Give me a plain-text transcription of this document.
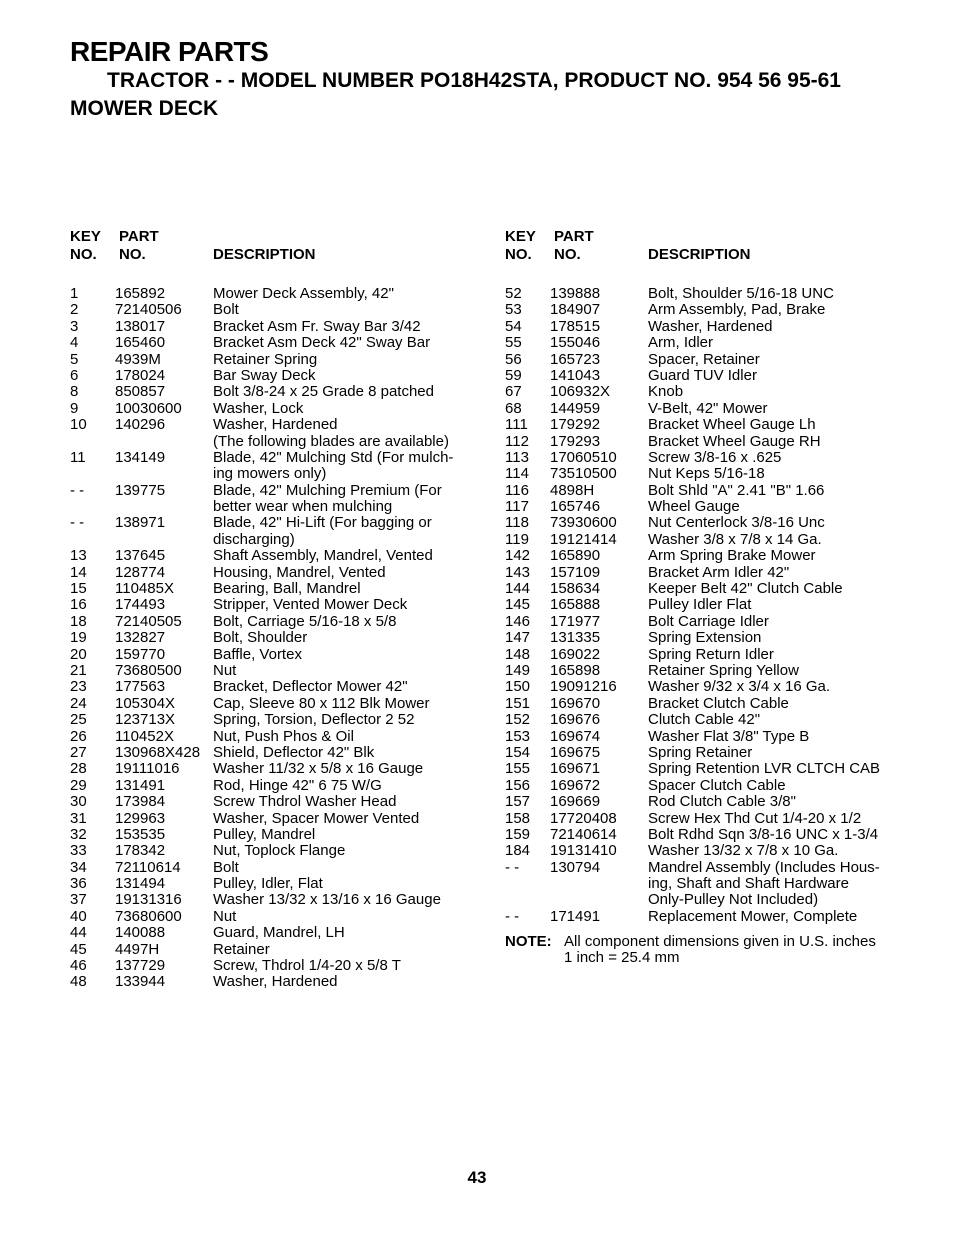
REPAIR PARTS
TRACTOR - - MODEL NUMBER PO18H42STA, PRODUCT NO. 954 56 95-61
MOWER DECK
KEY PART
NO. NO.	DESCRIPTION
1 165892	Mower Deck Assembly, 42"
2 72140506 Bolt
3 138017	Bracket Asm Fr. Sway Bar 3/42
4 165460	Bracket Asm Deck 42" Sway Bar
5 4939M	Retainer Spring
6 178024	Bar Sway Deck
8 850857	Bolt 3/8-24 x 25 Grade 8 patched
9 10030600 Washer, Lock
10 140296	Washer, Hardened
(The following blades are available)
11 134149	Blade, 42" Mulching Std (For mulch-
ing mowers only)
- - 139775	Blade, 42" Mulching Premium (For
better wear when mulching
- - 138971	Blade, 42" Hi-Lift (For bagging or
discharging)
13 137645	Shaft Assembly, Mandrel, Vented
14 128774	Housing, Mandrel, Vented
15 110485X	Bearing, Ball, Mandrel
16 174493	Stripper, Vented Mower Deck
18 72140505 Bolt, Carriage 5/16-18 x 5/8
19 132827	Bolt, Shoulder
20 159770	Baffle, Vortex
21 73680500 Nut
23 177563	Bracket, Deflector Mower 42"
24 105304X	Cap, Sleeve 80 x 112 Blk Mower
25 123713X	Spring, Torsion, Deflector 2 52
26 110452X	Nut, Push Phos & Oil
27 130968X428 Shield, Deflector 42" Blk
28 19111016 Washer 11/32 x 5/8 x 16 Gauge
29 131491	Rod, Hinge 42" 6 75 W/G
30 173984	Screw Thdrol Washer Head
31 129963	Washer, Spacer Mower Vented
32 153535	Pulley, Mandrel
33 178342	Nut, Toplock Flange
34 72110614 Bolt
36 131494	Pulley, Idler, Flat
37 19131316 Washer 13/32 x 13/16 x 16 Gauge
40 73680600 Nut
44 140088	Guard, Mandrel, LH
45 4497H	Retainer
46 137729	Screw, Thdrol 1/4-20 x 5/8 T
48 133944	Washer, Hardened
KEY PART
NO. NO.	DESCRIPTION
52 139888	Bolt, Shoulder 5/16-18 UNC
53 184907	Arm Assembly, Pad, Brake
54 178515	Washer, Hardened
55 155046	Arm, Idler
56 165723	Spacer, Retainer
59 141043	Guard TUV Idler
67 106932X	Knob
68 144959	V-Belt, 42" Mower
111 179292	Bracket Wheel Gauge Lh
112 179293	Bracket Wheel Gauge RH
113 17060510 Screw 3/8-16 x .625
114 73510500 Nut Keps 5/16-18
116 4898H	Bolt Shld "A" 2.41 "B" 1.66
117 165746	Wheel Gauge
118 73930600 Nut Centerlock 3/8-16 Unc
119 19121414 Washer 3/8 x 7/8 x 14 Ga.
142 165890	Arm Spring Brake Mower
143 157109	Bracket Arm Idler 42"
144 158634	Keeper Belt 42" Clutch Cable
145 165888	Pulley Idler Flat
146 171977	Bolt Carriage Idler
147 131335	Spring Extension
148 169022	Spring Return Idler
149 165898	Retainer Spring Yellow
150 19091216 Washer 9/32 x 3/4 x 16 Ga.
151 169670	Bracket Clutch Cable
152 169676	Clutch Cable 42"
153 169674	Washer Flat 3/8" Type B
154 169675	Spring Retainer
155 169671	Spring Retention LVR CLTCH CAB
156 169672	Spacer Clutch Cable
157 169669	Rod Clutch Cable 3/8"
158 17720408 Screw Hex Thd Cut 1/4-20 x 1/2
159 72140614 Bolt Rdhd Sqn 3/8-16 UNC x 1-3/4
184 19131410 Washer 13/32 x 7/8 x 10 Ga.
- - 130794	Mandrel Assembly (Includes Hous-
ing, Shaft and Shaft Hardware
Only-Pulley Not Included)
- - 171491	Replacement Mower, Complete
NOTE: All component dimensions given in U.S. inches
1 inch = 25.4 mm
43
